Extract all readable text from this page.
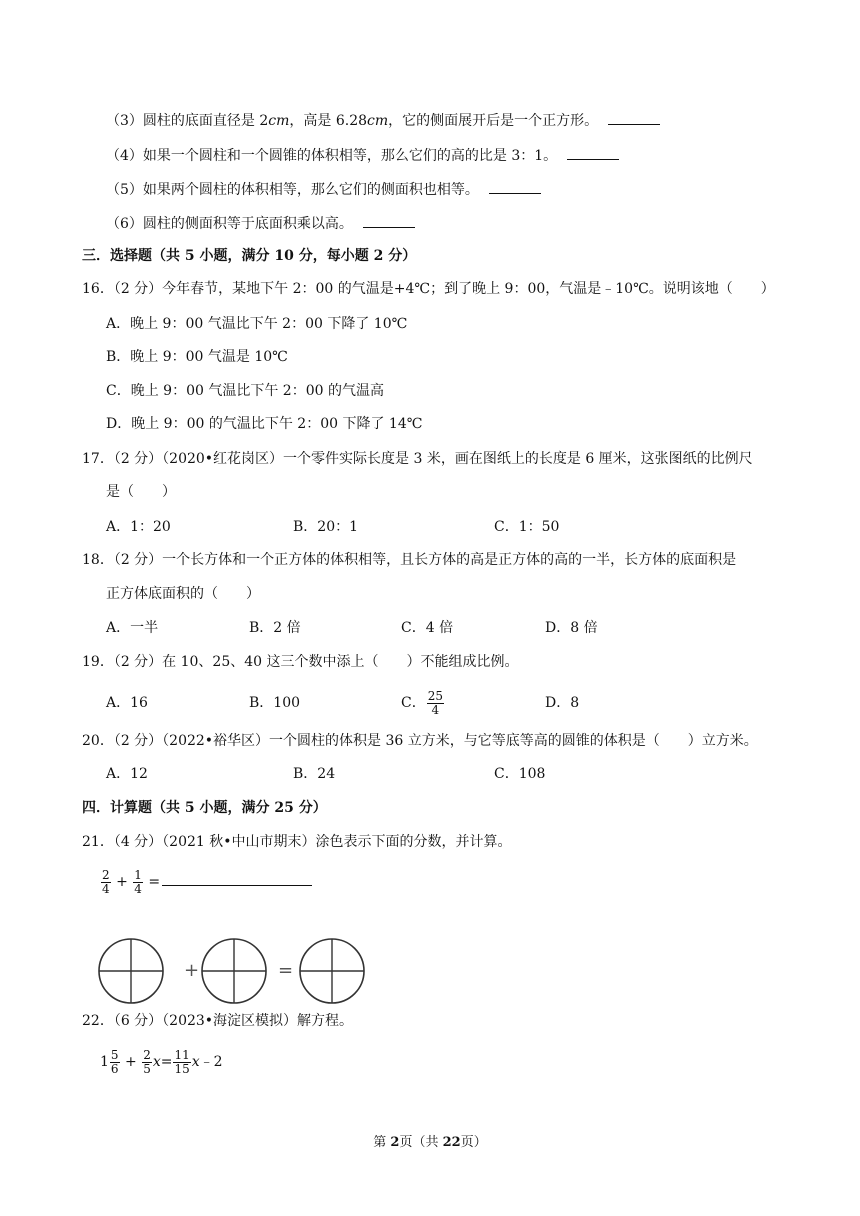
（3）圆柱的底面直径是 2cm，高是 6.28cm，它的侧面展开后是一个正方形。
（4）如果一个圆柱和一个圆锥的体积相等，那么它们的高的比是 3：1。
（5）如果两个圆柱的体积相等，那么它们的侧面积也相等。
（6）圆柱的侧面积等于底面积乘以高。
三．选择题（共 5 小题，满分 10 分，每小题 2 分）
16．（2 分）今年春节，某地下午 2：00 的气温是+4℃；到了晚上 9：00，气温是﹣10℃。说明该地（　　）
A．晚上 9：00 气温比下午 2：00 下降了 10℃
B．晚上 9：00 气温是 10℃
C．晚上 9：00 气温比下午 2：00 的气温高
D．晚上 9：00 的气温比下午 2：00 下降了 14℃
17．（2 分）（2020•红花岗区）一个零件实际长度是 3 米，画在图纸上的长度是 6 厘米，这张图纸的比例尺
是（　　）
A．1：20	B．20：1	C．1：50
18．（2 分）一个长方体和一个正方体的体积相等，且长方体的高是正方体的高的一半，长方体的底面积是
正方体底面积的（　　）
A．一半	B．2 倍	C．4 倍	D．8 倍
19．（2 分）在 10、25、40 这三个数中添上（　　）不能组成比例。
A．16	B．100	C． $\frac{25}{4}$	D．8
20．（2 分）（2022•裕华区）一个圆柱的体积是 36 立方米，与它等底等高的圆锥的体积是（　　）立方米。
A．12	B．24	C．108
四．计算题（共 5 小题，满分 25 分）
21．（4 分）（2021 秋•中山市期末）涂色表示下面的分数，并计算。
$\frac{2}{4} + \frac{1}{4}$ =
+	=
22．（6 分）（2023•海淀区模拟）解方程。
$1 \frac{5}{6} + \frac{2}{5} x= \frac{11}{15}$ x﹣2
第 2页（共 22页）
